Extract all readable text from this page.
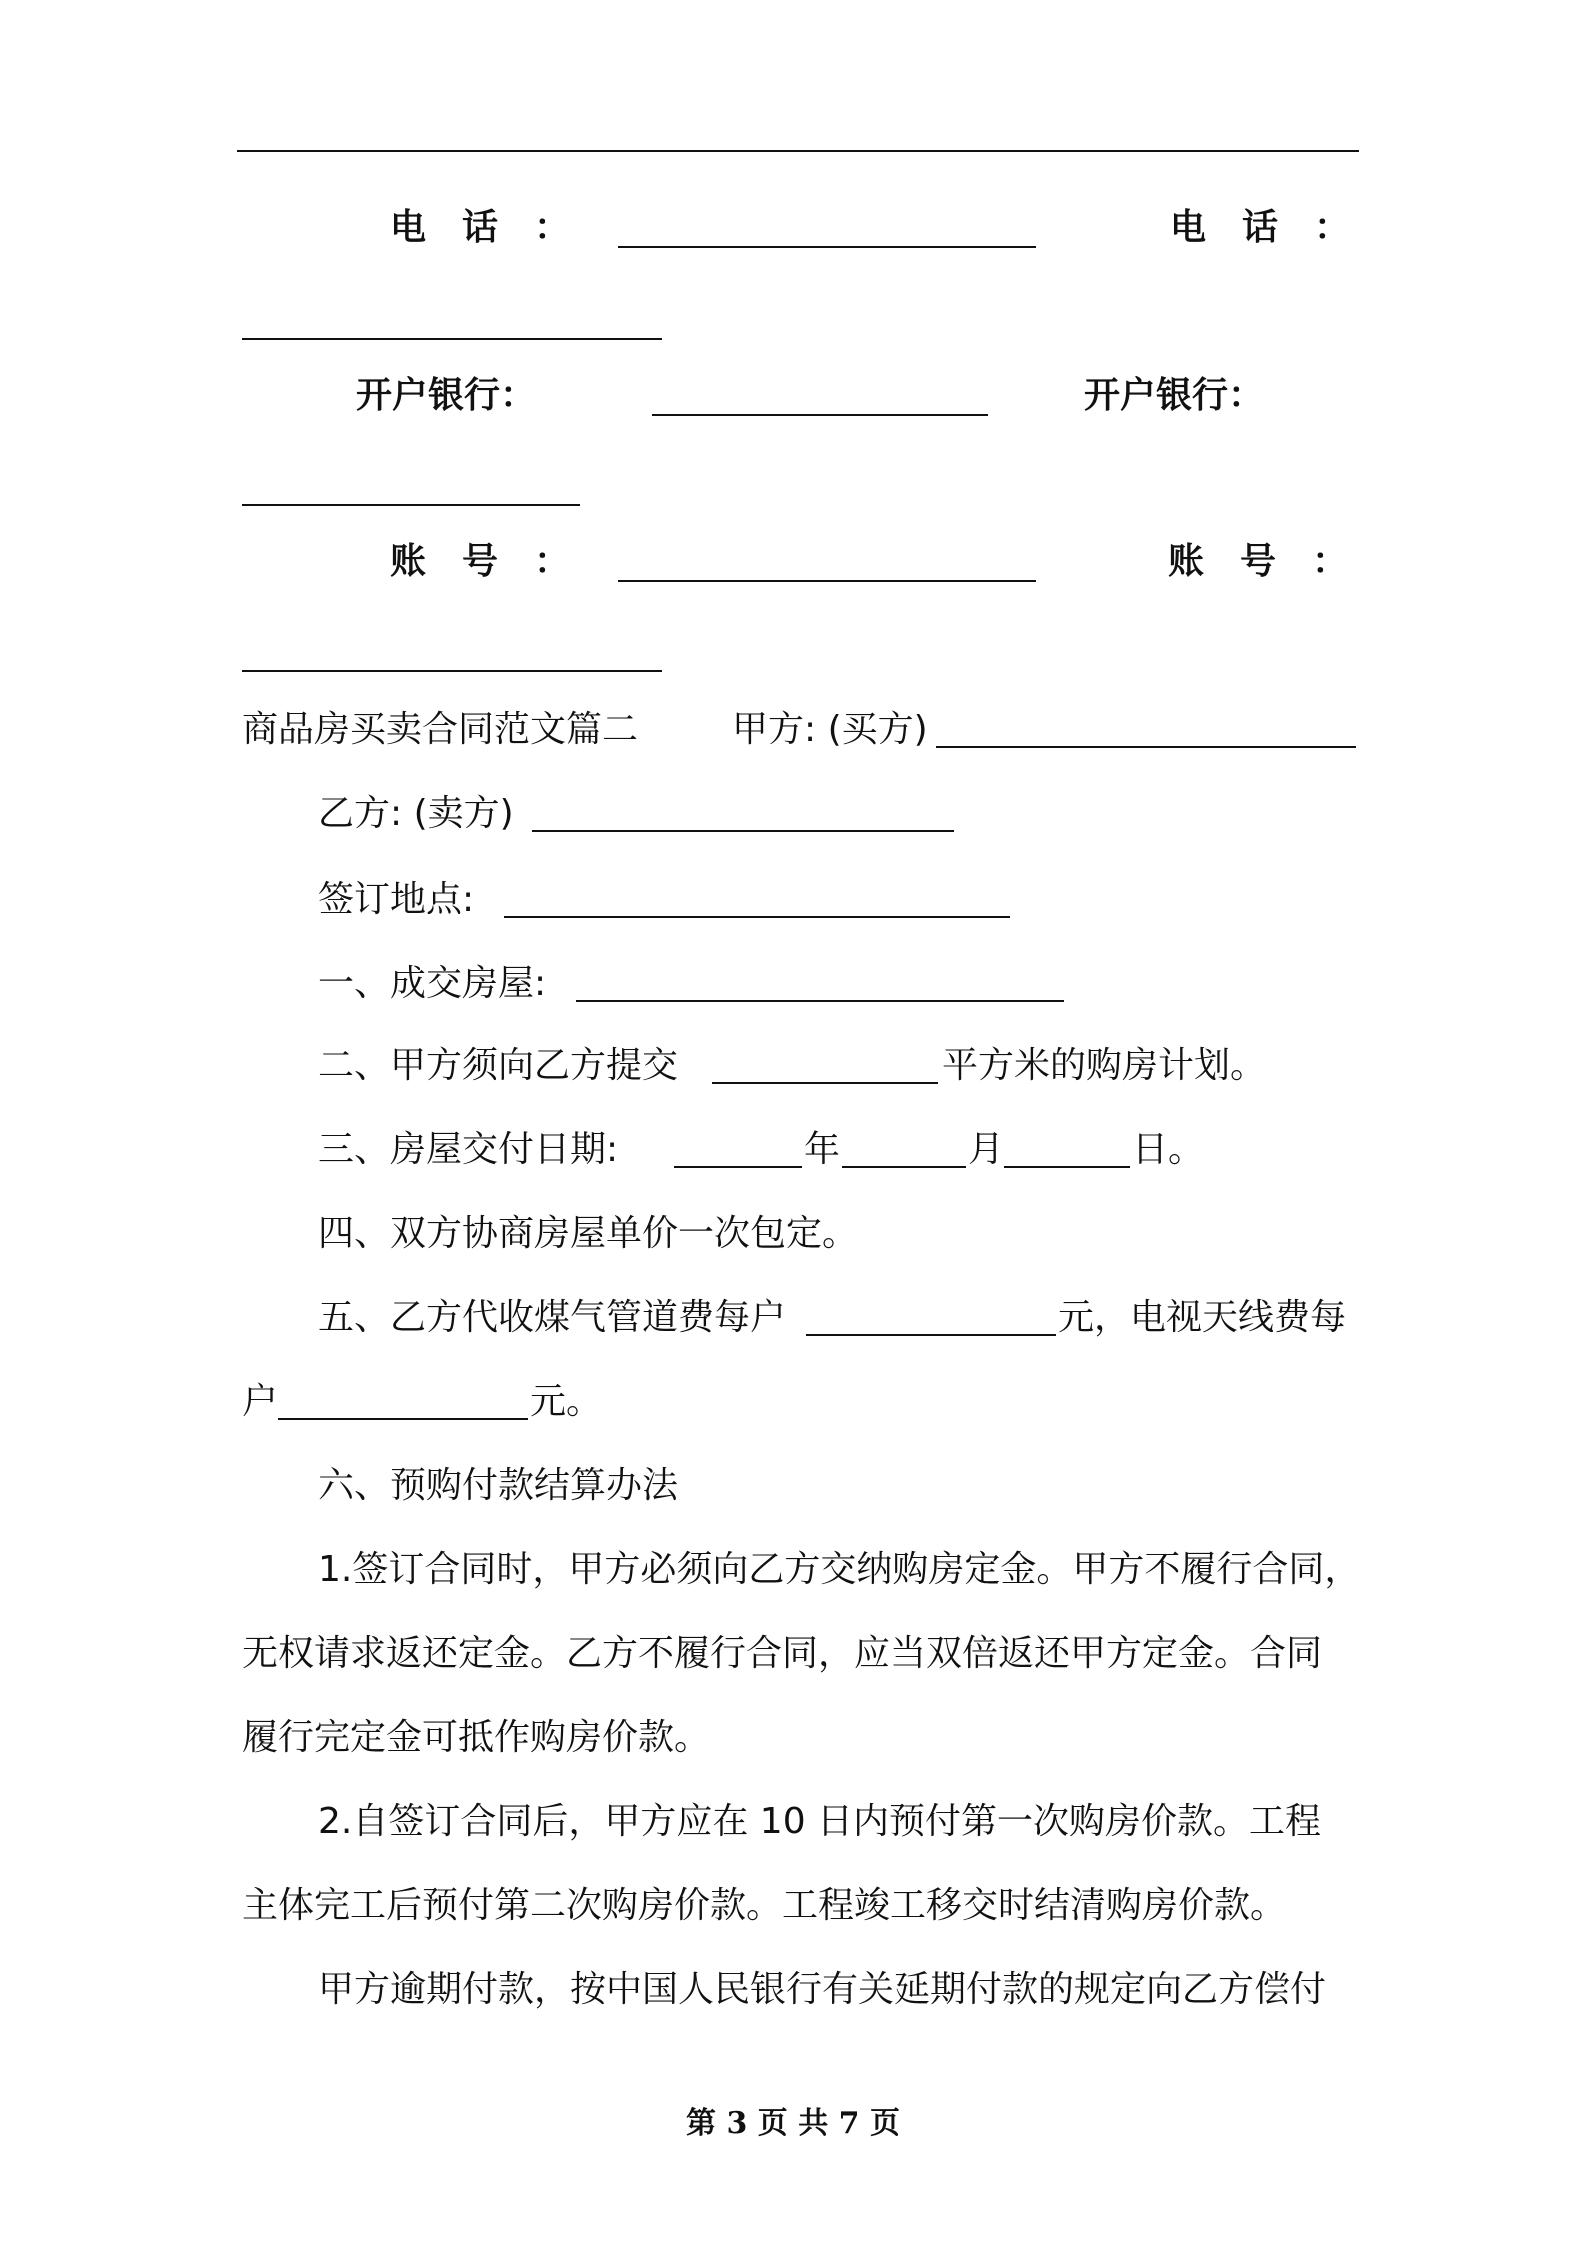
电　话　：	电　话　：
开户银行：	开户银行：
账　号　：	账　号　：
商品房买卖合同范文篇二	甲方: (买方)
乙方: (卖方)
签订地点:
一、成交房屋:
二、甲方须向乙方提交	平方米的购房计划。
三、房屋交付日期:	年	月	日。
四、双方协商房屋单价一次包定。
五、乙方代收煤气管道费每户	元，电视天线费每
户	元。
六、预购付款结算办法
1.签订合同时，甲方必须向乙方交纳购房定金。甲方不履行合同，
无权请求返还定金。乙方不履行合同，应当双倍返还甲方定金。合同
履行完定金可抵作购房价款。
2.自签订合同后，甲方应在 10 日内预付第一次购房价款。工程
主体完工后预付第二次购房价款。工程竣工移交时结清购房价款。
甲方逾期付款，按中国人民银行有关延期付款的规定向乙方偿付
第 3 页 共 7 页
